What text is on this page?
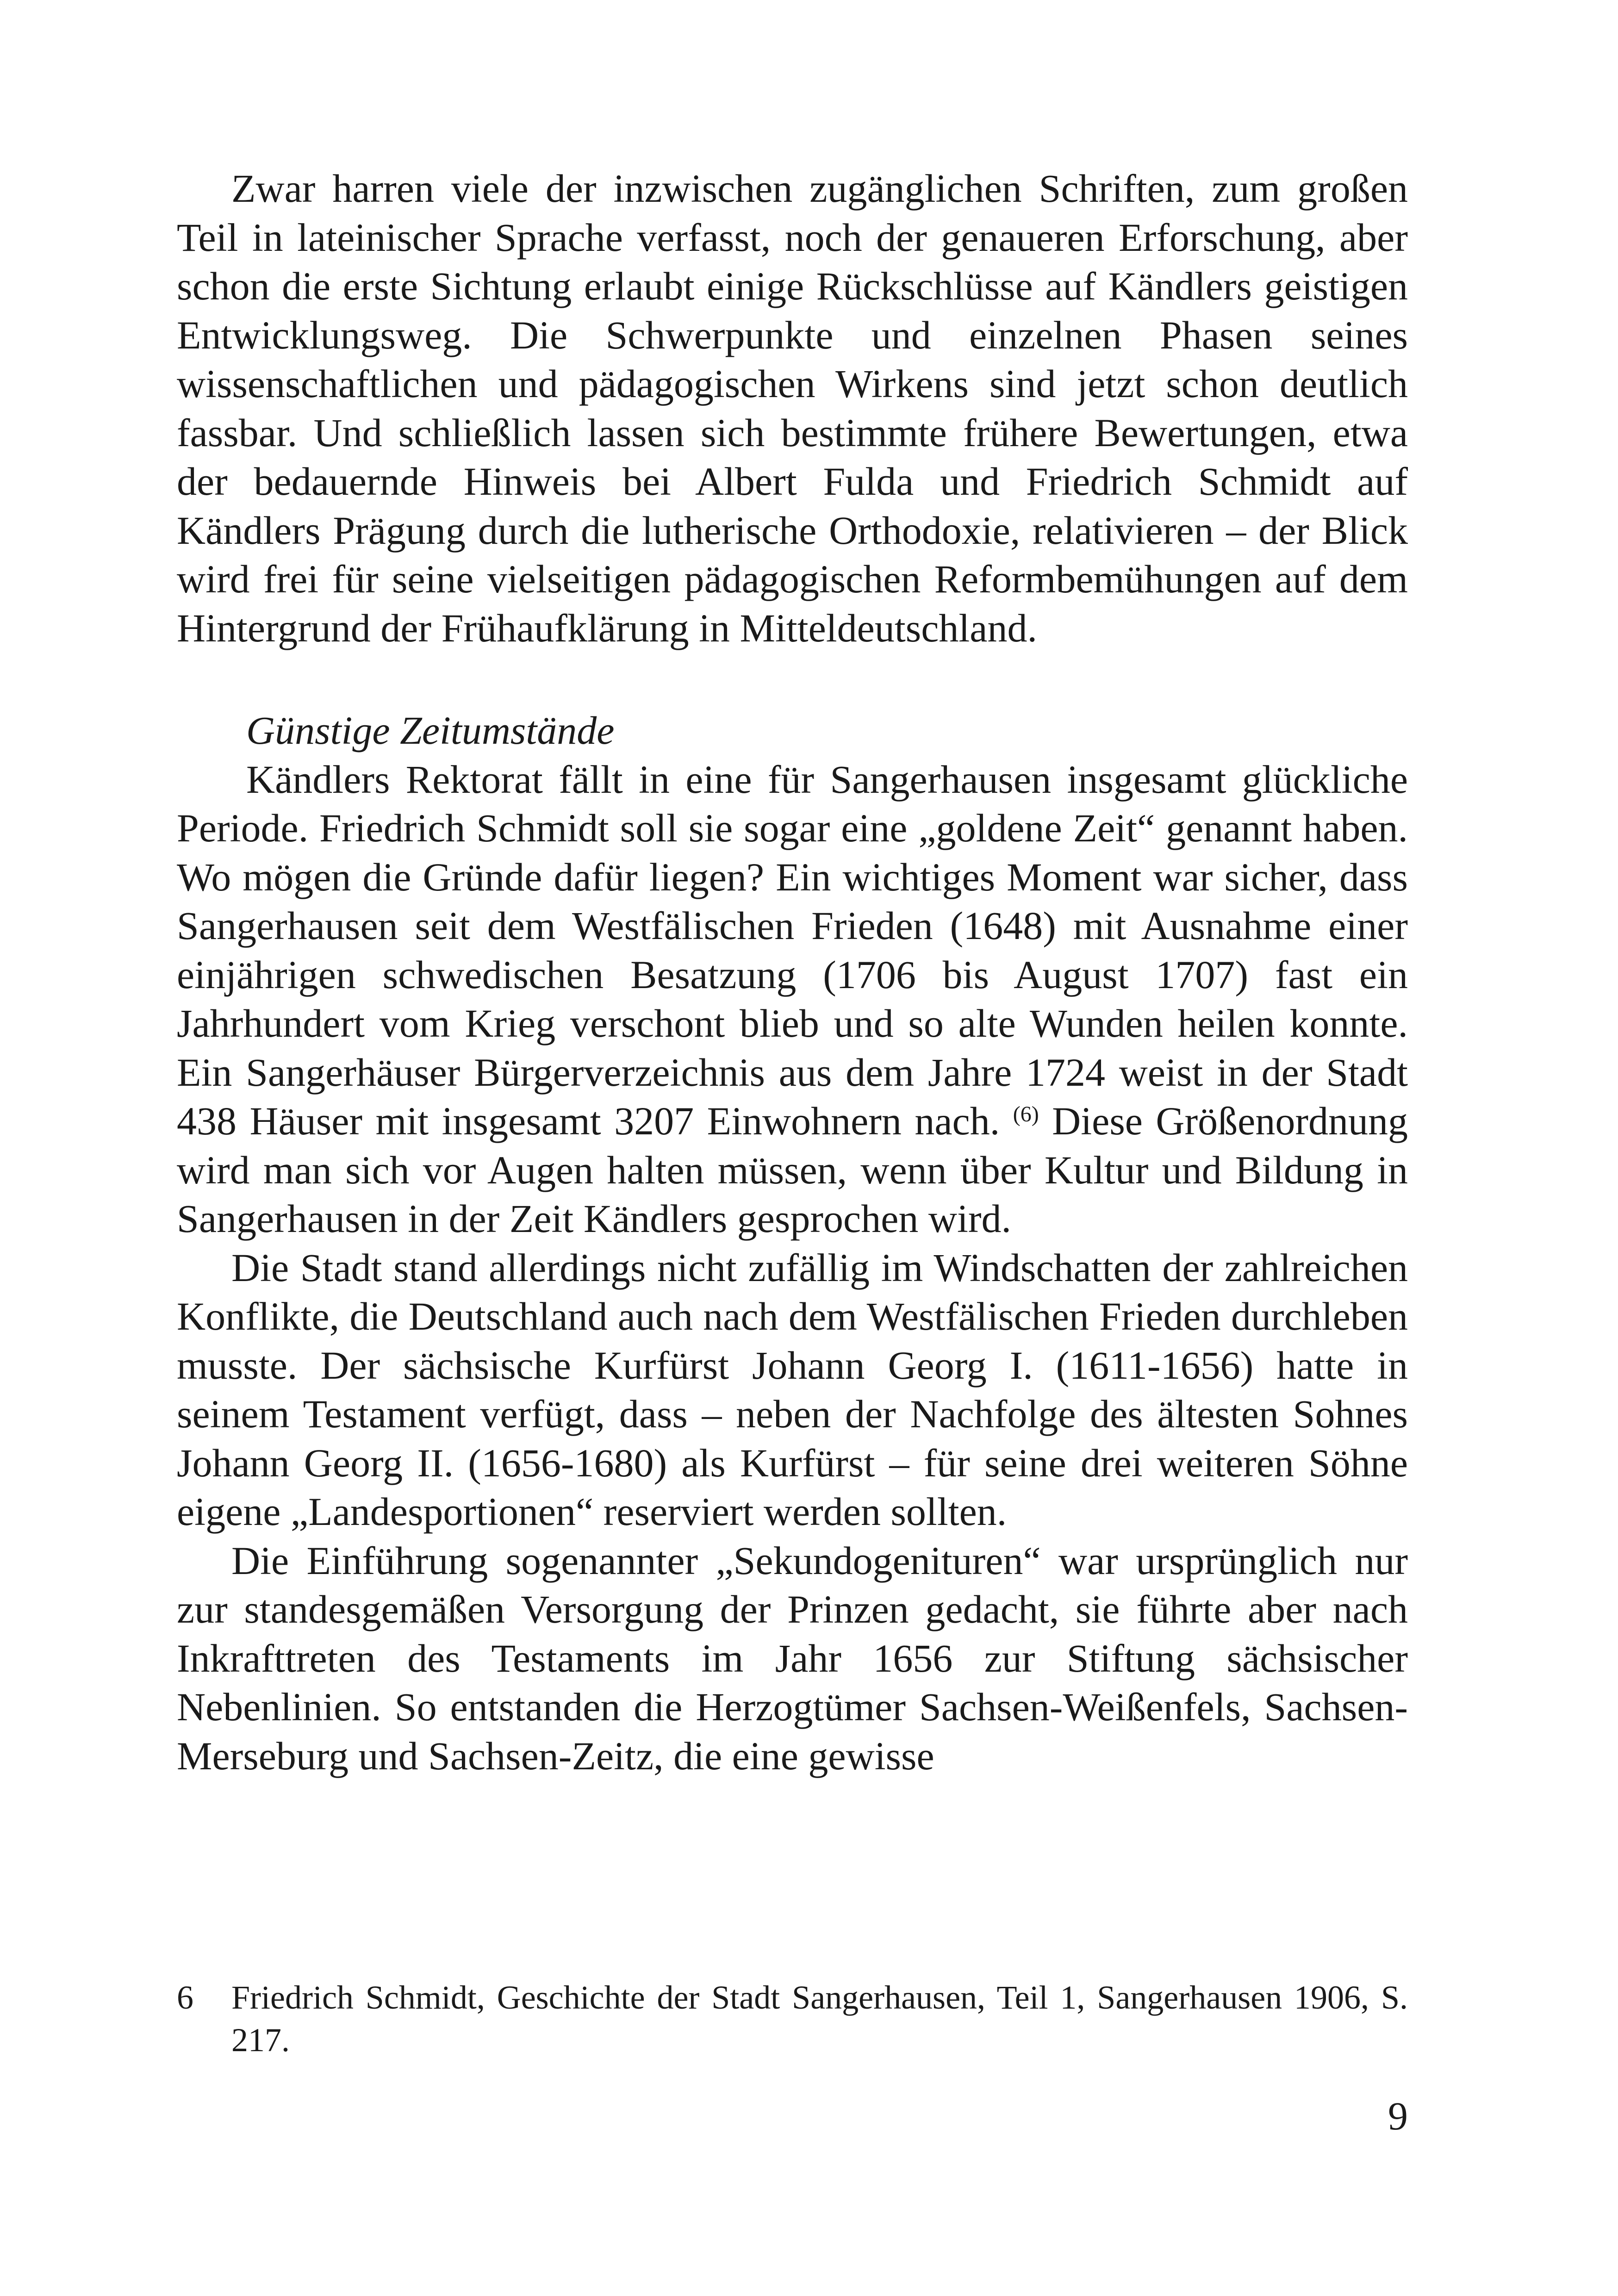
Zwar harren viele der inzwischen zugänglichen Schriften, zum großen Teil in lateinischer Sprache verfasst, noch der genaueren Erforschung, aber schon die erste Sichtung erlaubt einige Rückschlüsse auf Kändlers geistigen Entwicklungsweg. Die Schwerpunkte und einzelnen Phasen seines wissenschaftlichen und pädagogischen Wirkens sind jetzt schon deutlich fassbar. Und schließlich lassen sich bestimmte frühere Bewertungen, etwa der bedauernde Hinweis bei Albert Fulda und Friedrich Schmidt auf Kändlers Prägung durch die lutherische Orthodoxie, relativieren – der Blick wird frei für seine vielseitigen pädagogischen Reformbemühungen auf dem Hintergrund der Frühaufklärung in Mitteldeutschland.

Günstige Zeitumstände

Kändlers Rektorat fällt in eine für Sangerhausen insgesamt glückliche Periode. Friedrich Schmidt soll sie sogar eine „goldene Zeit“ genannt haben. Wo mögen die Gründe dafür liegen? Ein wichtiges Moment war sicher, dass Sangerhausen seit dem Westfälischen Frieden (1648) mit Ausnahme einer einjährigen schwedischen Besatzung (1706 bis August 1707) fast ein Jahrhundert vom Krieg verschont blieb und so alte Wunden heilen konnte. Ein Sangerhäuser Bürgerverzeichnis aus dem Jahre 1724 weist in der Stadt 438 Häuser mit insgesamt 3207 Einwohnern nach. $^{(6)}$ Diese Größenordnung wird man sich vor Augen halten müssen, wenn über Kultur und Bildung in Sangerhausen in der Zeit Kändlers gesprochen wird.

Die Stadt stand allerdings nicht zufällig im Windschatten der zahlreichen Konflikte, die Deutschland auch nach dem Westfälischen Frieden durchleben musste. Der sächsische Kurfürst Johann Georg I. (1611-1656) hatte in seinem Testament verfügt, dass – neben der Nachfolge des ältesten Sohnes Johann Georg II. (1656-1680) als Kurfürst – für seine drei weiteren Söhne eigene „Landesportionen“ reserviert werden sollten.

Die Einführung sogenannter „Sekundogenituren“ war ursprünglich nur zur standesgemäßen Versorgung der Prinzen gedacht, sie führte aber nach Inkrafttreten des Testaments im Jahr 1656 zur Stiftung sächsischer Nebenlinien. So entstanden die Herzogtümer Sachsen-Weißenfels, Sachsen-Merseburg und Sachsen-Zeitz, die eine gewisse

6	Friedrich Schmidt, Geschichte der Stadt Sangerhausen, Teil 1, Sangerhausen 1906, S. 217.
9
